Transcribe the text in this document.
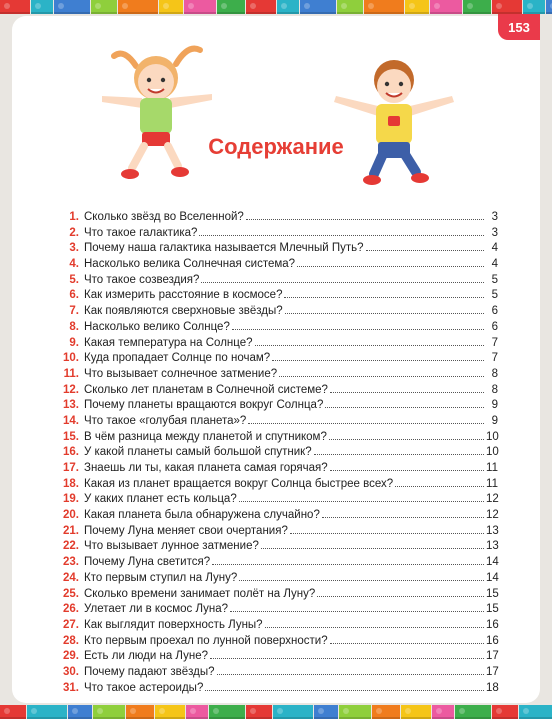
153
Содержание
1. Сколько звёзд во Вселенной?	3
2. Что такое галактика?	3
3. Почему наша галактика называется Млечный Путь?	4
4. Насколько велика Солнечная система?	4
5. Что такое созвездия?	5
6. Как измерить расстояние в космосе?	5
7. Как появляются сверхновые звёзды?	6
8. Насколько велико Солнце?	6
9. Какая температура на Солнце?	7
10. Куда пропадает Солнце по ночам?	7
11. Что вызывает солнечное затмение?	8
12. Сколько лет планетам в Солнечной системе?	8
13. Почему планеты вращаются вокруг Солнца?	9
14. Что такое «голубая планета»?	9
15. В чём разница между планетой и спутником?	10
16. У какой планеты самый большой спутник?	10
17. Знаешь ли ты, какая планета самая горячая?	11
18. Какая из планет вращается вокруг Солнца быстрее всех?	11
19. У каких планет есть кольца?	12
20. Какая планета была обнаружена случайно?	12
21. Почему Луна меняет свои очертания?	13
22. Что вызывает лунное затмение?	13
23. Почему Луна светится?	14
24. Кто первым ступил на Луну?	14
25. Сколько времени занимает полёт на Луну?	15
26. Улетает ли в космос Луна?	15
27. Как выглядит поверхность Луны?	16
28. Кто первым проехал по лунной поверхности?	16
29. Есть ли люди на Луне?	17
30. Почему падают звёзды?	17
31. Что такое астероиды?	18
